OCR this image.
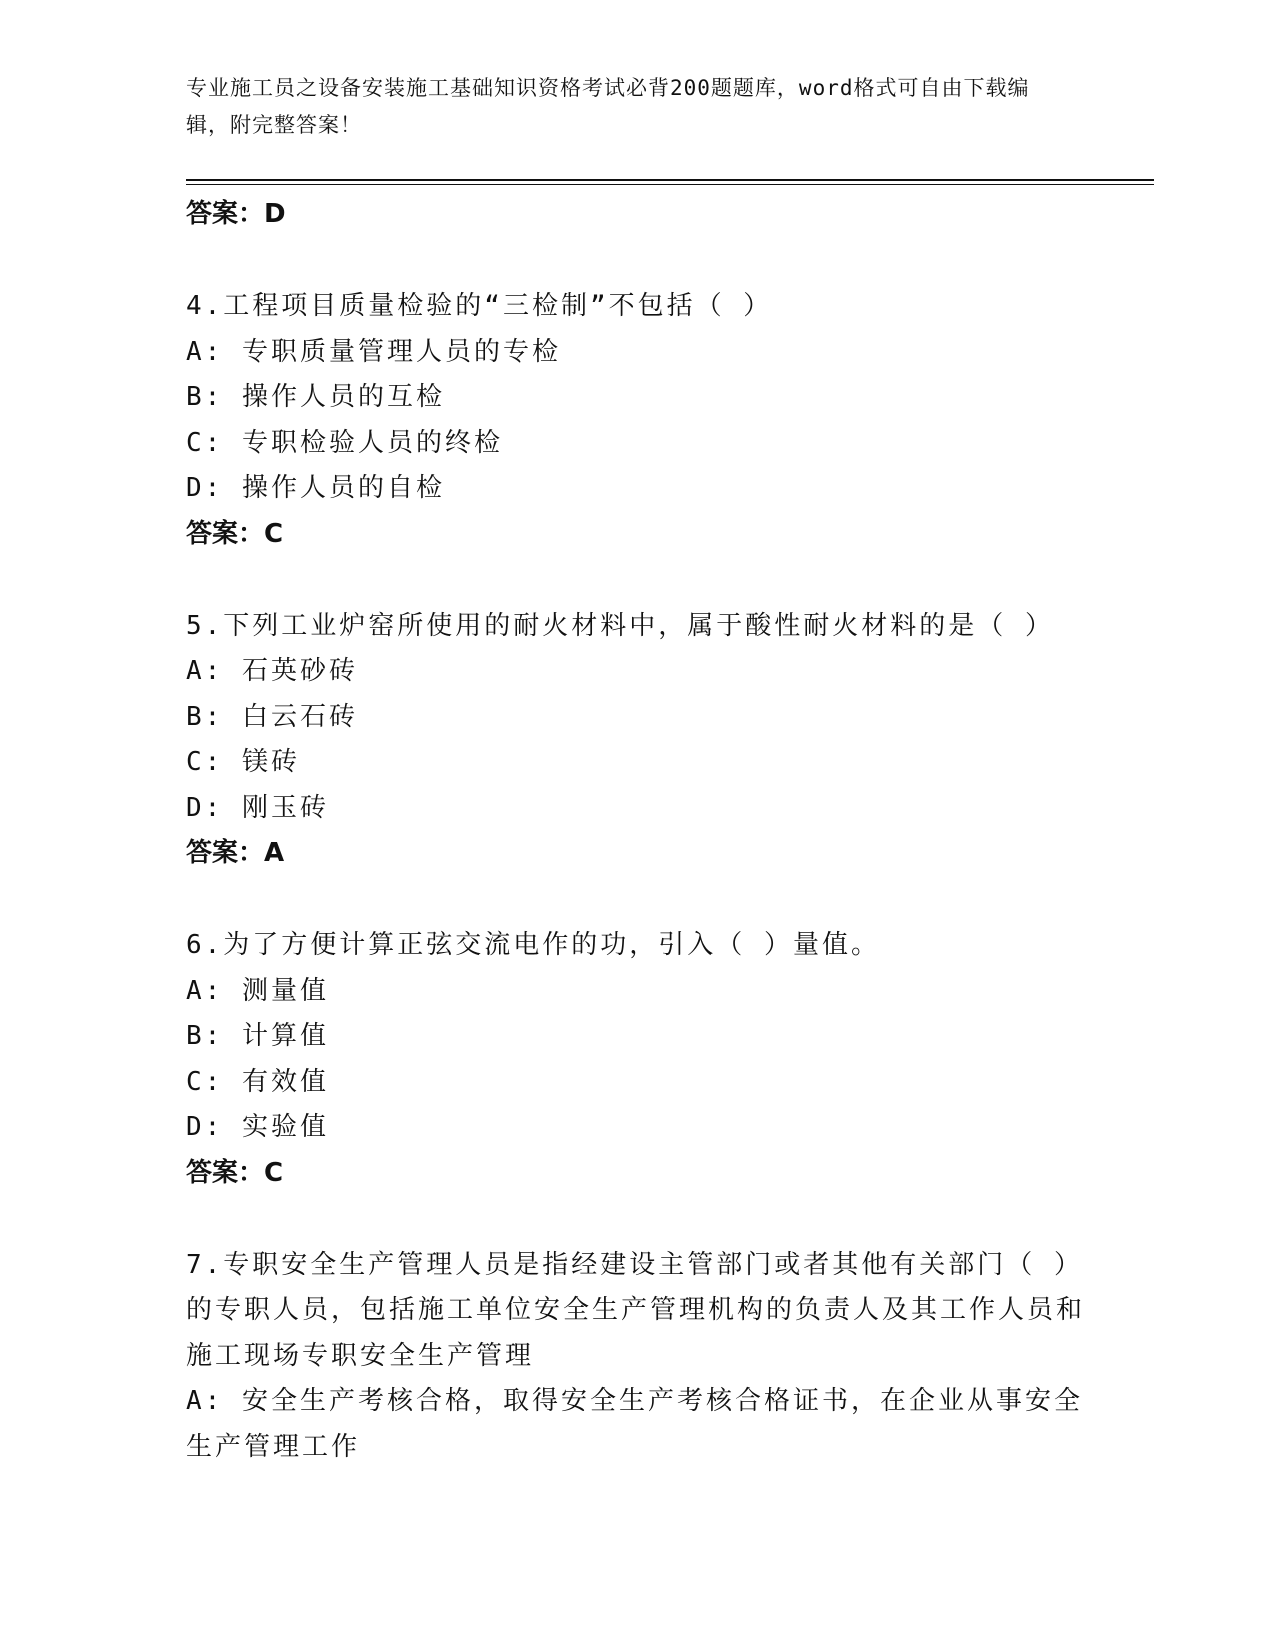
专业施工员之设备安装施工基础知识资格考试必背200题题库，word格式可自由下载编辑，附完整答案！

答案：D

4.工程项目质量检验的“三检制”不包括（ ）

A: 专职质量管理人员的专检

B: 操作人员的互检

C: 专职检验人员的终检

D: 操作人员的自检

答案：C

5.下列工业炉窑所使用的耐火材料中，属于酸性耐火材料的是（ ）

A: 石英砂砖

B: 白云石砖

C: 镁砖

D: 刚玉砖

答案：A

6.为了方便计算正弦交流电作的功，引入（ ）量值。

A: 测量值

B: 计算值

C: 有效值

D: 实验值

答案：C

7.专职安全生产管理人员是指经建设主管部门或者其他有关部门（ ）的专职人员，包括施工单位安全生产管理机构的负责人及其工作人员和施工现场专职安全生产管理

A: 安全生产考核合格，取得安全生产考核合格证书，在企业从事安全生产管理工作
